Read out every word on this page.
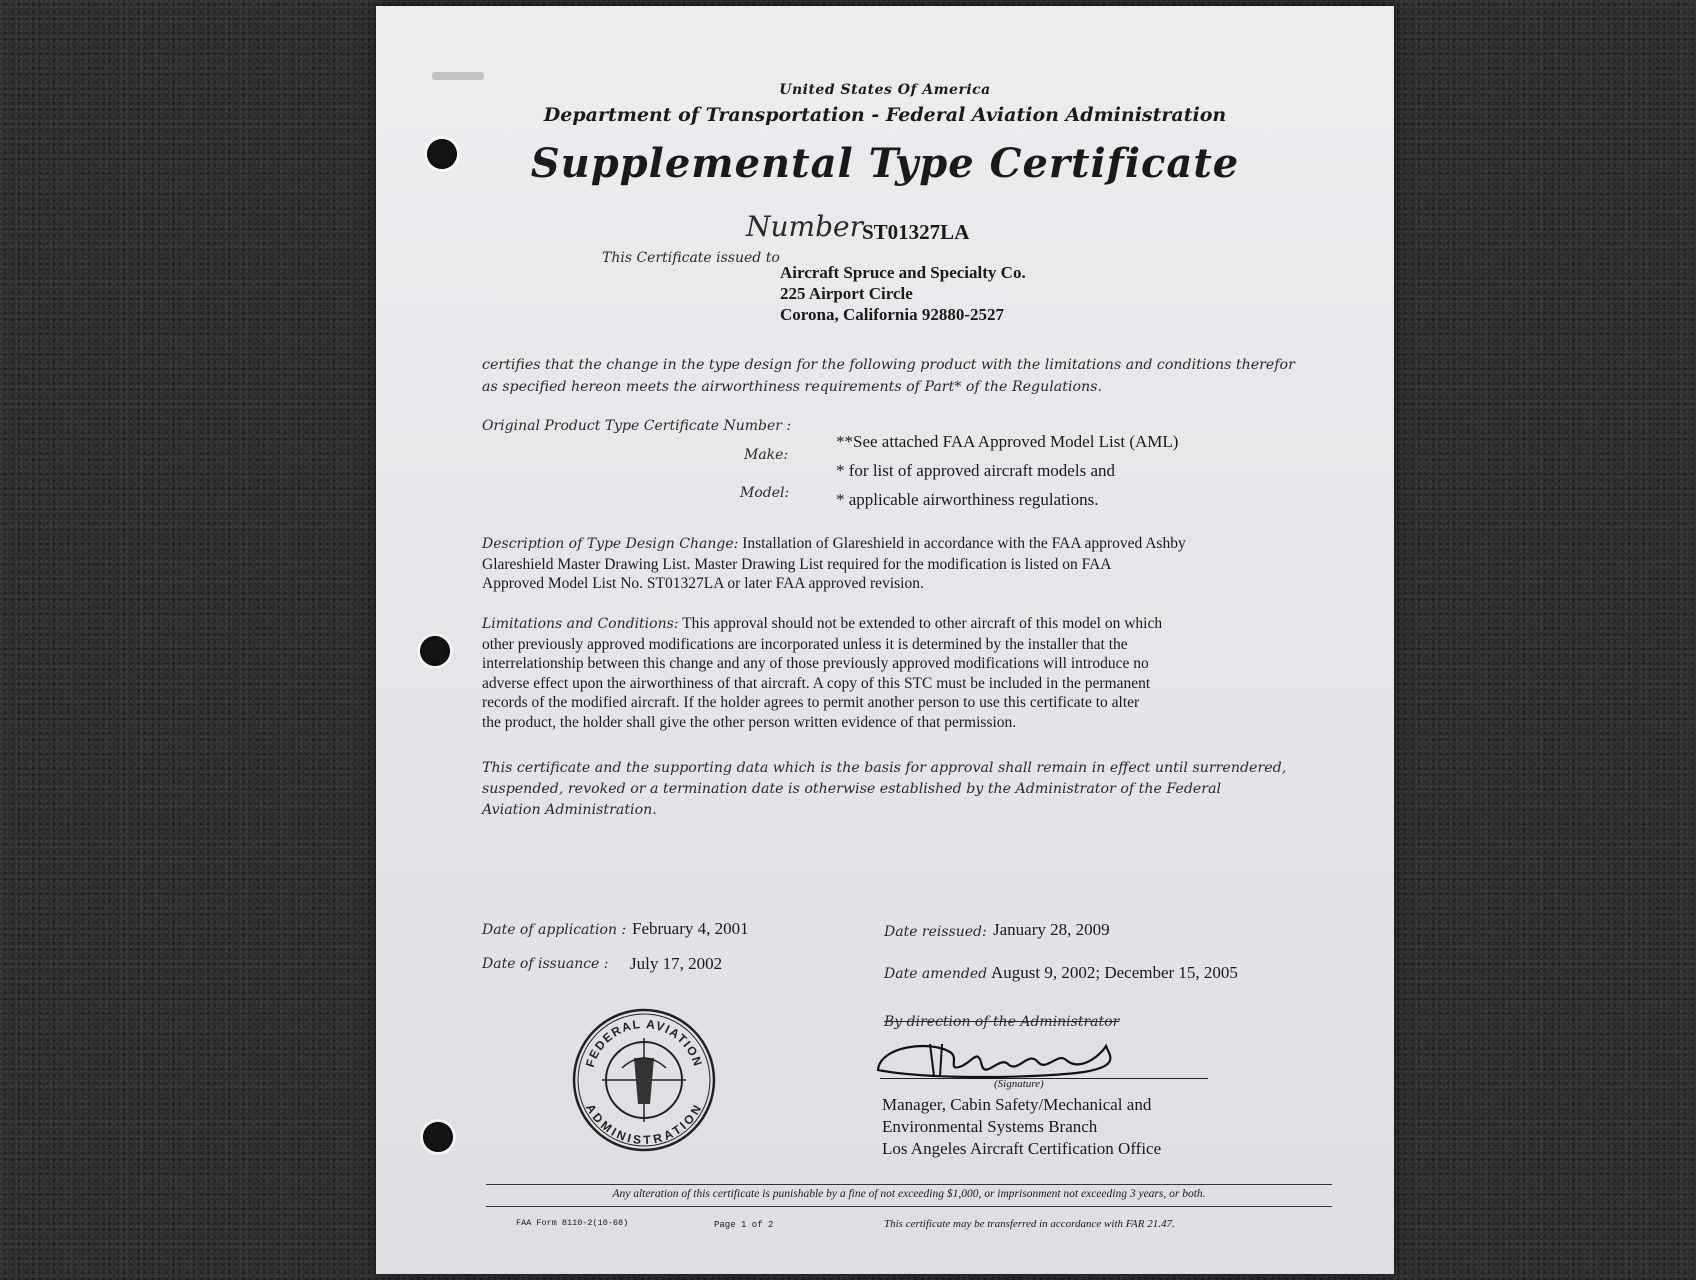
United States Of America
Department of Transportation - Federal Aviation Administration
Supplemental Type Certificate
Number ST01327LA
This Certificate issued to
Aircraft Spruce and Specialty Co.
225 Airport Circle
Corona, California 92880-2527
certifies that the change in the type design for the following product with the limitations and conditions therefor
as specified hereon meets the airworthiness requirements of Part* of the Regulations.
Original Product Type Certificate Number :
Make:
Model:
**See attached FAA Approved Model List (AML)
* for list of approved aircraft models and
* applicable airworthiness regulations.
Description of Type Design Change: Installation of Glareshield in accordance with the FAA approved Ashby
Glareshield Master Drawing List. Master Drawing List required for the modification is listed on FAA
Approved Model List No. ST01327LA or later FAA approved revision.
Limitations and Conditions: This approval should not be extended to other aircraft of this model on which
other previously approved modifications are incorporated unless it is determined by the installer that the
interrelationship between this change and any of those previously approved modifications will introduce no
adverse effect upon the airworthiness of that aircraft. A copy of this STC must be included in the permanent
records of the modified aircraft. If the holder agrees to permit another person to use this certificate to alter
the product, the holder shall give the other person written evidence of that permission.
This certificate and the supporting data which is the basis for approval shall remain in effect until surrendered,
suspended, revoked or a termination date is otherwise established by the Administrator of the Federal
Aviation Administration.
Date of application : February 4, 2001
Date of issuance : July 17, 2002
Date reissued: January 28, 2009
Date amended :
August 9, 2002; December 15, 2005
FEDERAL AVIATION
ADMINISTRATION
By direction of the Administrator
(Signature)
Manager, Cabin Safety/Mechanical and
Environmental Systems Branch
Los Angeles Aircraft Certification Office
Any alteration of this certificate is punishable by a fine of not exceeding $1,000, or imprisonment not exceeding 3 years, or both.
FAA Form 8110-2(10-68)	Page 1 of 2	This certificate may be transferred in accordance with FAR 21.47.
